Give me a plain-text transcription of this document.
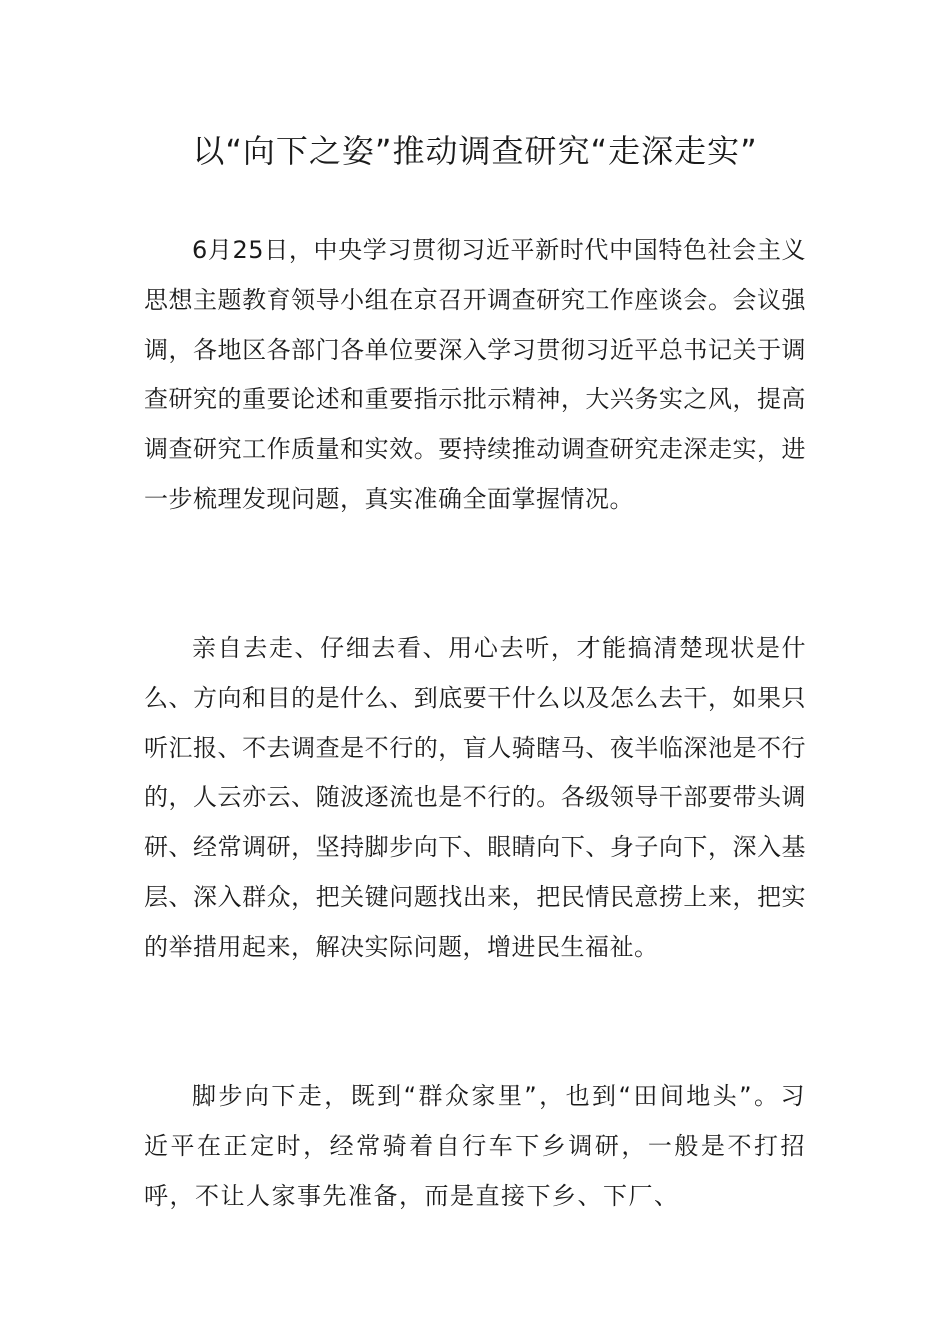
以“向下之姿”推动调查研究“走深走实”

6月25日，中央学习贯彻习近平新时代中国特色社会主义思想主题教育领导小组在京召开调查研究工作座谈会。会议强调，各地区各部门各单位要深入学习贯彻习近平总书记关于调查研究的重要论述和重要指示批示精神，大兴务实之风，提高调查研究工作质量和实效。要持续推动调查研究走深走实，进一步梳理发现问题，真实准确全面掌握情况。

亲自去走、仔细去看、用心去听，才能搞清楚现状是什么、方向和目的是什么、到底要干什么以及怎么去干，如果只听汇报、不去调查是不行的，盲人骑瞎马、夜半临深池是不行的，人云亦云、随波逐流也是不行的。各级领导干部要带头调研、经常调研，坚持脚步向下、眼睛向下、身子向下，深入基层、深入群众，把关键问题找出来，把民情民意捞上来，把实的举措用起来，解决实际问题，增进民生福祉。

脚步向下走，既到“群众家里”，也到“田间地头”。习近平在正定时，经常骑着自行车下乡调研，一般是不打招呼，不让人家事先准备，而是直接下乡、下厂、
